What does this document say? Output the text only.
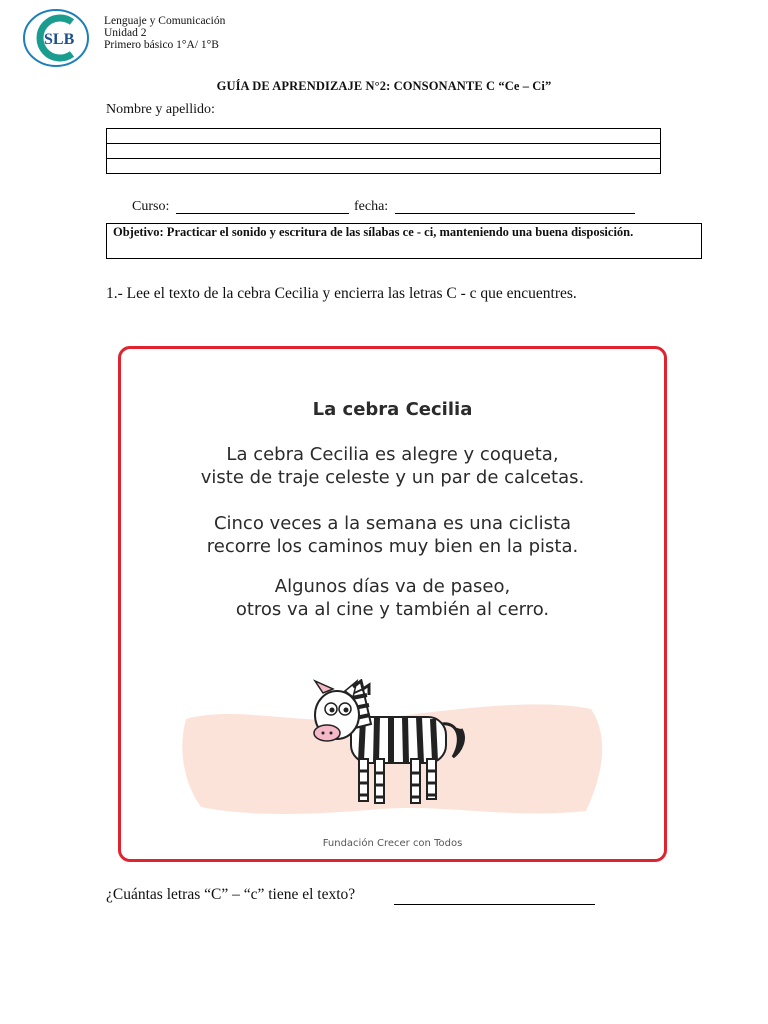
SLB
Lenguaje y Comunicación
Unidad 2
Primero básico 1°A/ 1°B
GUÍA DE APRENDIZAJE N°2: CONSONANTE C “Ce – Ci”
Nombre y apellido:

Curso:	fecha:
Objetivo: Practicar el sonido y escritura de las sílabas ce - ci, manteniendo una buena disposición.
1.- Lee el texto de la cebra Cecilia y encierra las letras C - c que encuentres.
La cebra Cecilia
La cebra Cecilia es alegre y coqueta,
viste de traje celeste y un par de calcetas.
Cinco veces a la semana es una ciclista
recorre los caminos muy bien en la pista.
Algunos días va de paseo,
otros va al cine y también al cerro.
Fundación Crecer con Todos
¿Cuántas letras “C” – “c” tiene el texto?
